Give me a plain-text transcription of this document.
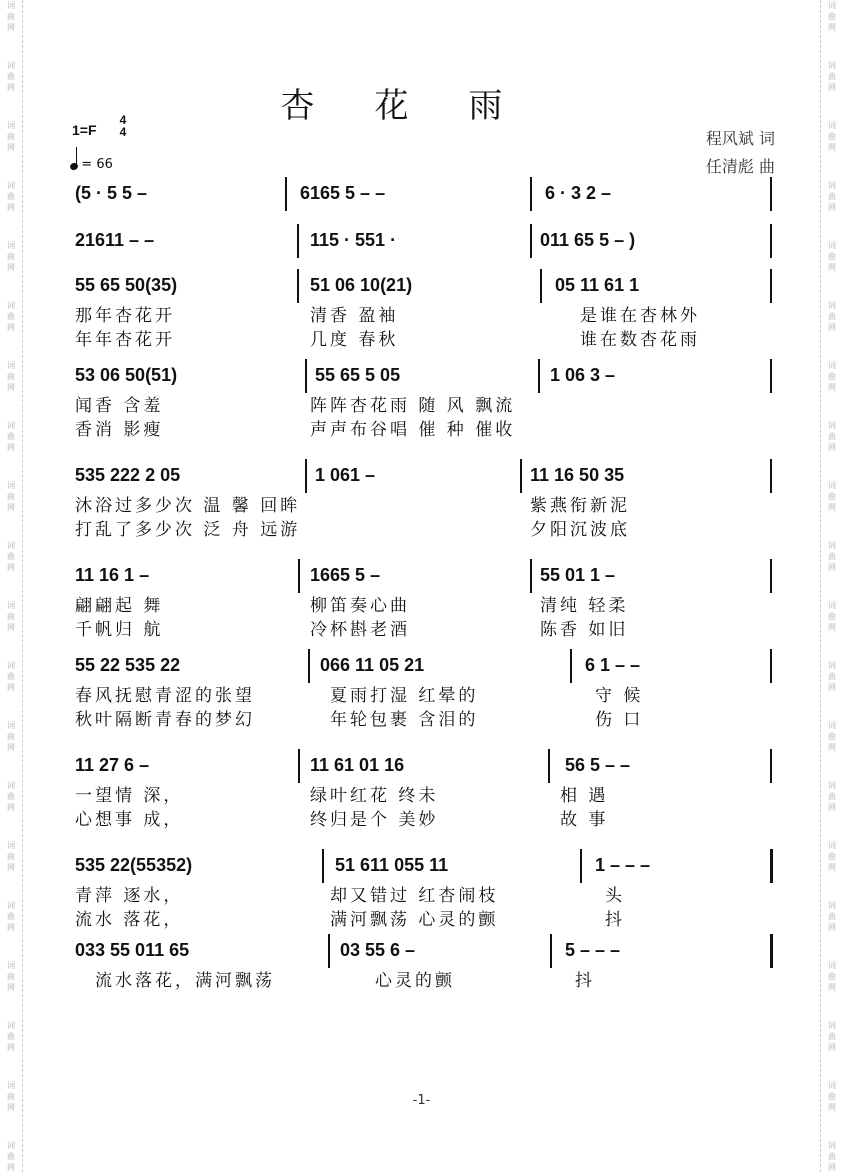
词
曲
网
词
曲
网
词
曲
网
词
曲
网
词
曲
网
词
曲
网
词
曲
网
词
曲
网
词
曲
网
词
曲
网
词
曲
网
词
曲
网
词
曲
网
词
曲
网
词
曲
网
词
曲
网
词
曲
网
词
曲
网
词
曲
网
词
曲
网
词
曲
网
词
曲
网
词
曲
网
词
曲
网
词
曲
网
词
曲
网
词
曲
网
词
曲
网
词
曲
网
词
曲
网
词
曲
网
词
曲
网
词
曲
网
词
曲
网
词
曲
网
词
曲
网
词
曲
网
词
曲
网
词
曲
网
词
曲
网
杏花雨
1=F
4
4
= 66
程风斌 词
任清彪 曲
(5 · 5 5 –	6165 5 – –	6 · 3 2 –
21611 – –	115 · 551 ·	011 65 5 – )
55 65 50(35)	51 06 10(21)	05 11 61 1
那年杏花开	清香 盈袖	是谁在杏林外
年年杏花开	几度 春秋	谁在数杏花雨
53 06 50(51)	55 65 5 05	1 06 3 –
闻香 含羞	阵阵杏花雨 随 风 飘流
香消 影瘦	声声布谷唱 催 种 催收
535 222 2 05	1 061 –	11 16 50 35
沐浴过多少次 温 馨 回眸	紫燕衔新泥
打乱了多少次 泛 舟 远游	夕阳沉波底
11 16 1 –	1665 5 –	55 01 1 –
翩翩起 舞	柳笛奏心曲	清纯 轻柔
千帆归 航	冷杯斟老酒	陈香 如旧
55 22 535 22	066 11 05 21	6 1 – –
春风抚慰青涩的张望	夏雨打湿 红晕的	守 候
秋叶隔断青春的梦幻	年轮包裹 含泪的	伤 口
11 27 6 –	11 61 01 16	56 5 – –
一望情 深，	绿叶红花 终未	相 遇
心想事 成，	终归是个 美妙	故 事
535 22(55352)	51 611 055 11	1 – – –
青萍 逐水，	却又错过 红杏闹枝	头
流水 落花，	满河飘荡 心灵的颤	抖
033 55 011 65	03 55 6 –	5 – – –
流水落花，满河飘荡	心灵的颤	抖
-1-
